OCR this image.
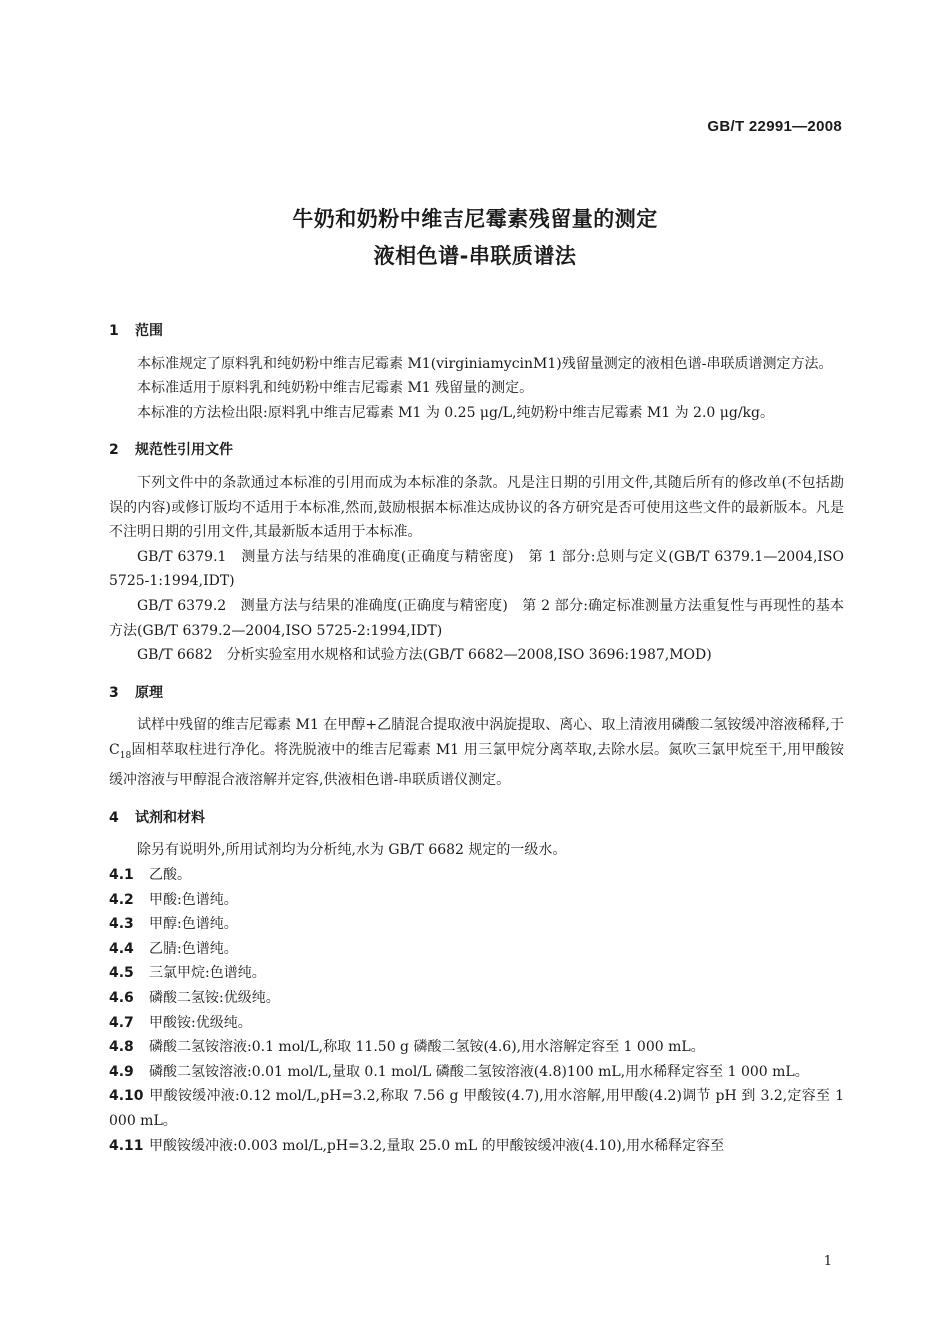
GB/T 22991—2008
牛奶和奶粉中维吉尼霉素残留量的测定
液相色谱-串联质谱法
1 范围

本标准规定了原料乳和纯奶粉中维吉尼霉素 M1(virginiamycinM1)残留量测定的液相色谱-串联质谱测定方法。

本标准适用于原料乳和纯奶粉中维吉尼霉素 M1 残留量的测定。

本标准的方法检出限:原料乳中维吉尼霉素 M1 为 0.25 μg/L,纯奶粉中维吉尼霉素 M1 为 2.0 μg/kg。

2 规范性引用文件

下列文件中的条款通过本标准的引用而成为本标准的条款。凡是注日期的引用文件,其随后所有的修改单(不包括勘误的内容)或修订版均不适用于本标准,然而,鼓励根据本标准达成协议的各方研究是否可使用这些文件的最新版本。凡是不注明日期的引用文件,其最新版本适用于本标准。

GB/T 6379.1　测量方法与结果的准确度(正确度与精密度)　第 1 部分:总则与定义(GB/T 6379.1—2004,ISO 5725-1:1994,IDT)

GB/T 6379.2　测量方法与结果的准确度(正确度与精密度)　第 2 部分:确定标准测量方法重复性与再现性的基本方法(GB/T 6379.2—2004,ISO 5725-2:1994,IDT)

GB/T 6682　分析实验室用水规格和试验方法(GB/T 6682—2008,ISO 3696:1987,MOD)

3 原理

试样中残留的维吉尼霉素 M1 在甲醇+乙腈混合提取液中涡旋提取、离心、取上清液用磷酸二氢铵缓冲溶液稀释,于 $C_{18}$固相萃取柱进行净化。将洗脱液中的维吉尼霉素 M1 用三氯甲烷分离萃取,去除水层。氮吹三氯甲烷至干,用甲酸铵缓冲溶液与甲醇混合液溶解并定容,供液相色谱-串联质谱仪测定。

4 试剂和材料

除另有说明外,所用试剂均为分析纯,水为 GB/T 6682 规定的一级水。

4.1 乙酸。

4.2 甲酸:色谱纯。

4.3 甲醇:色谱纯。

4.4 乙腈:色谱纯。

4.5 三氯甲烷:色谱纯。

4.6 磷酸二氢铵:优级纯。

4.7 甲酸铵:优级纯。

4.8 磷酸二氢铵溶液:0.1 mol/L,称取 11.50 g 磷酸二氢铵(4.6),用水溶解定容至 1 000 mL。

4.9 磷酸二氢铵溶液:0.01 mol/L,量取 0.1 mol/L 磷酸二氢铵溶液(4.8)100 mL,用水稀释定容至 1 000 mL。

4.10 甲酸铵缓冲液:0.12 mol/L,pH=3.2,称取 7.56 g 甲酸铵(4.7),用水溶解,用甲酸(4.2)调节 pH 到 3.2,定容至 1 000 mL。

4.11 甲酸铵缓冲液:0.003 mol/L,pH=3.2,量取 25.0 mL 的甲酸铵缓冲液(4.10),用水稀释定容至

1
